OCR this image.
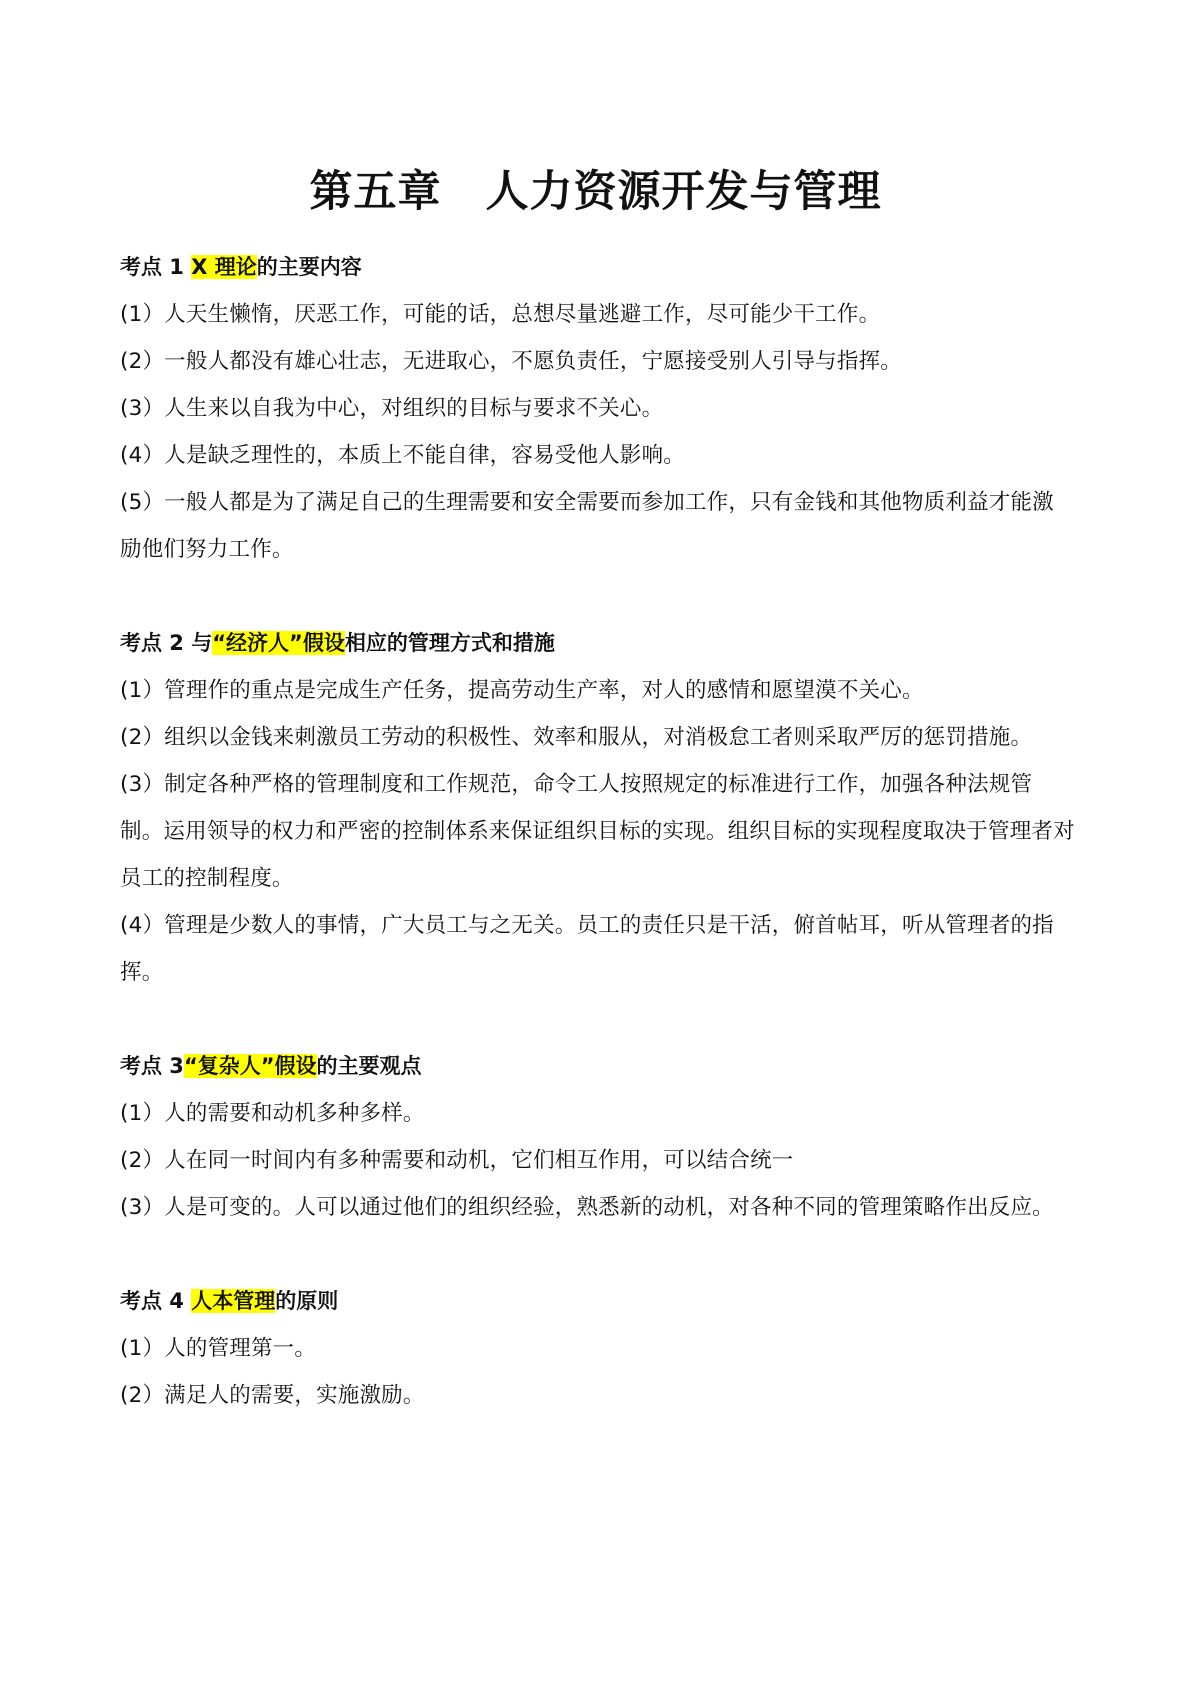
第五章　人力资源开发与管理

考点 1 X 理论的主要内容

(1）人天生懒惰，厌恶工作，可能的话，总想尽量逃避工作，尽可能少干工作。

(2）一般人都没有雄心壮志，无进取心，不愿负责任，宁愿接受别人引导与指挥。

(3）人生来以自我为中心，对组织的目标与要求不关心。

(4）人是缺乏理性的，本质上不能自律，容易受他人影响。

(5）一般人都是为了满足自己的生理需要和安全需要而参加工作，只有金钱和其他物质利益才能激励他们努力工作。

考点 2 与“经济人”假设相应的管理方式和措施

(1）管理作的重点是完成生产任务，提高劳动生产率，对人的感情和愿望漠不关心。

(2）组织以金钱来刺激员工劳动的积极性、效率和服从，对消极怠工者则采取严厉的惩罚措施。

(3）制定各种严格的管理制度和工作规范，命令工人按照规定的标准进行工作，加强各种法规管制。运用领导的权力和严密的控制体系来保证组织目标的实现。组织目标的实现程度取决于管理者对员工的控制程度。

(4）管理是少数人的事情，广大员工与之无关。员工的责任只是干活，俯首帖耳，听从管理者的指挥。

考点 3“复杂人”假设的主要观点

(1）人的需要和动机多种多样。

(2）人在同一时间内有多种需要和动机，它们相互作用，可以结合统一

(3）人是可变的。人可以通过他们的组织经验，熟悉新的动机，对各种不同的管理策略作出反应。

考点 4 人本管理的原则

(1）人的管理第一。

(2）满足人的需要，实施激励。
